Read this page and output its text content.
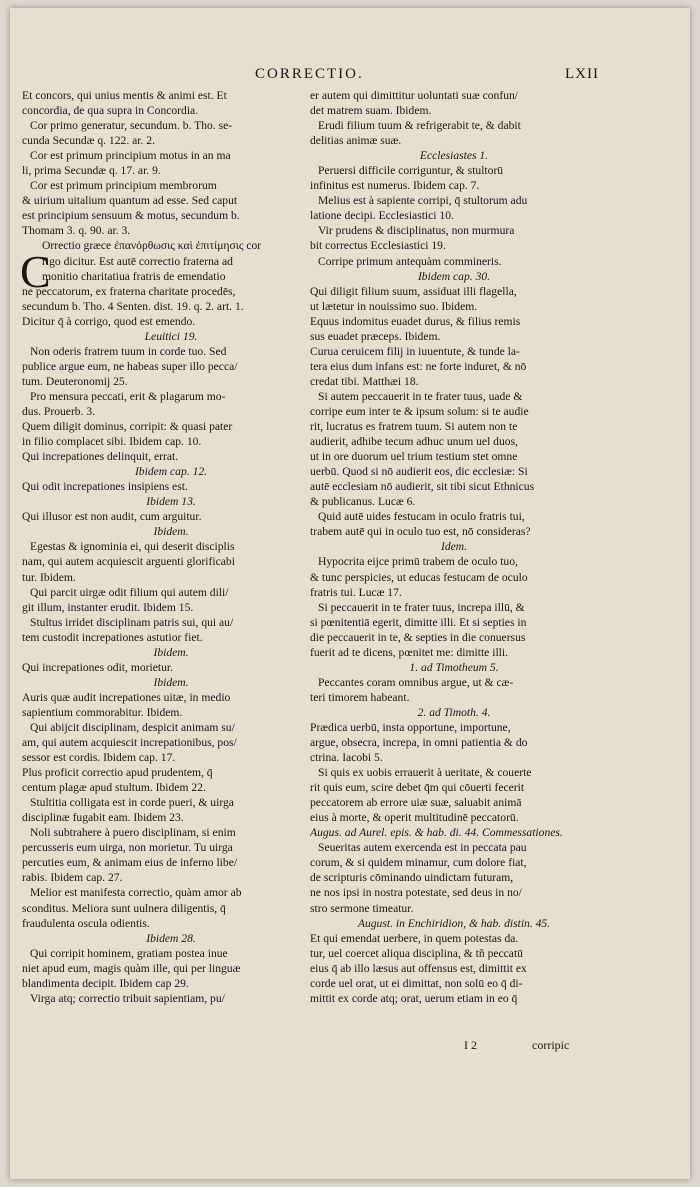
CORRECTIO.	LXII
C
Et concors, qui unius mentis & animi est. Et
concordia, de qua supra in Concordia.
Cor primo generatur, secundum. b. Tho. se-
cunda Secundæ q. 122. ar. 2.
Cor est primum principium motus in an ma
li, prima Secundæ q. 17. ar. 9.
Cor est primum principium membrorum
& uirium uitalium quantum ad esse. Sed caput
est principium sensuum & motus, secundum b.
Thomam 3. q. 90. ar. 3.
Orrectio græce ἐπανόρθωσις καὶ ἐπιτίμησις cor
rigo dicitur. Est autē correctio fraterna ad
monitio charitatiua fratris de emendatio
ne peccatorum, ex fraterna charitate procedēs,
secundum b. Tho. 4 Senten. dist. 19. q. 2. art. 1.
Dicitur q̄ à corrigo, quod est emendo.
Leuitici 19.
Non oderis fratrem tuum in corde tuo. Sed
publice argue eum, ne habeas super illo pecca/
tum. Deuteronomij 25.
Pro mensura peccati, erit & plagarum mo-
dus. Prouerb. 3.
Quem diligit dominus, corripit: & quasi pater
in filio complacet sibi. Ibidem cap. 10.
Qui increpationes delinquit, errat.
Ibidem cap. 12.
Qui odit increpationes insipiens est.
Ibidem 13.
Qui illusor est non audit, cum arguitur.
Ibidem.
Egestas & ignominia ei, qui deserit disciplis
nam, qui autem acquiescit arguenti glorificabi
tur. Ibidem.
Qui parcit uirgæ odit filium qui autem dili/
git illum, instanter erudit. Ibidem 15.
Stultus irridet disciplinam patris sui, qui au/
tem custodit increpationes astutior fiet.
Ibidem.
Qui increpationes odit, morietur.
Ibidem.
Auris quæ audit increpationes uitæ, in medio
sapientium commorabitur. Ibidem.
Qui abijcit disciplinam, despicit animam su/
am, qui autem acquiescit increpationibus, pos/
sessor est cordis. Ibidem cap. 17.
Plus proficit correctio apud prudentem, q̄
centum plagæ apud stultum. Ibidem 22.
Stultitia colligata est in corde pueri, & uirga
disciplinæ fugabit eam. Ibidem 23.
Noli subtrahere à puero disciplinam, si enim
percusseris eum uirga, non morietur. Tu uirga
percuties eum, & animam eius de inferno libe/
rabis. Ibidem cap. 27.
Melior est manifesta correctio, quàm amor ab
sconditus. Meliora sunt uulnera diligentis, q̄
fraudulenta oscula odientis.
Ibidem 28.
Qui corripit hominem, gratiam postea inue
niet apud eum, magis quàm ille, qui per linguæ
blandimenta decipit. Ibidem cap 29.
Virga atq; correctio tribuit sapientiam, pu/
er autem qui dimittitur uoluntati suæ confun/
det matrem suam. Ibidem.
Erudi filium tuum & refrigerabit te, & dabit
delitias animæ suæ.
Ecclesiastes 1.
Peruersi difficile corriguntur, & stultorū
infinitus est numerus. Ibidem cap. 7.
Melius est à sapiente corripi, q̄ stultorum adu
latione decipi. Ecclesiastici 10.
Vir prudens & disciplinatus, non murmura
bit correctus Ecclesiastici 19.
Corripe primum antequàm commineris.
Ibidem cap. 30.
Qui diligit filium suum, assiduat illi flagella,
ut lætetur in nouissimo suo. Ibidem.
Equus indomitus euadet durus, & filius remis
sus euadet præceps. Ibidem.
Curua ceruicem filij in iuuentute, & tunde la-
tera eius dum infans est: ne forte induret, & nō
credat tibi. Matthæi 18.
Si autem peccauerit in te frater tuus, uade &
corripe eum inter te & ipsum solum: si te audie
rit, lucratus es fratrem tuum. Si autem non te
audierit, adhibe tecum adhuc unum uel duos,
ut in ore duorum uel trium testium stet omne
uerbū. Quod si nō audierit eos, dic ecclesiæ: Si
autē ecclesiam nō audierit, sit tibi sicut Ethnicus
& publicanus. Lucæ 6.
Quid autē uides festucam in oculo fratris tui,
trabem autē qui in oculo tuo est, nō consideras?
Idem.
Hypocrita eijce primū trabem de oculo tuo,
& tunc perspicies, ut educas festucam de oculo
fratris tui. Lucæ 17.
Si peccauerit in te frater tuus, increpa illū, &
si pœnitentiā egerit, dimitte illi. Et si septies in
die peccauerit in te, & septies in die conuersus
fuerit ad te dicens, pœnitet me: dimitte illi.
1. ad Timotheum 5.
Peccantes coram omnibus argue, ut & cæ-
teri timorem habeant.
2. ad Timoth. 4.
Prædica uerbū, insta opportune, importune,
argue, obsecra, increpa, in omni patientia & do
ctrina. Iacobi 5.
Si quis ex uobis errauerit à ueritate, & couerte
rit quis eum, scire debet q̄m qui cōuerti fecerit
peccatorem ab errore uiæ suæ, saluabit animā
eius à morte, & operit multitudinē peccatorū.
Augus. ad Aurel. epis. & hab. di. 44. Commessationes.
Seueritas autem exercenda est in peccata pau
corum, & si quidem minamur, cum dolore fiat,
de scripturis cōminando uindictam futuram,
ne nos ipsi in nostra potestate, sed deus in no/
stro sermone timeatur.
August. in Enchiridion, & hab. distin. 45.
Et qui emendat uerbere, in quem potestas da.
tur, uel coercet aliqua disciplina, & tñ peccatū
eius q̄ ab illo læsus aut offensus est, dimittit ex
corde uel orat, ut ei dimittat, non solū eo q̄ di-
mittit ex corde atq; orat, uerum etiam in eo q̄
I 2	corripic
